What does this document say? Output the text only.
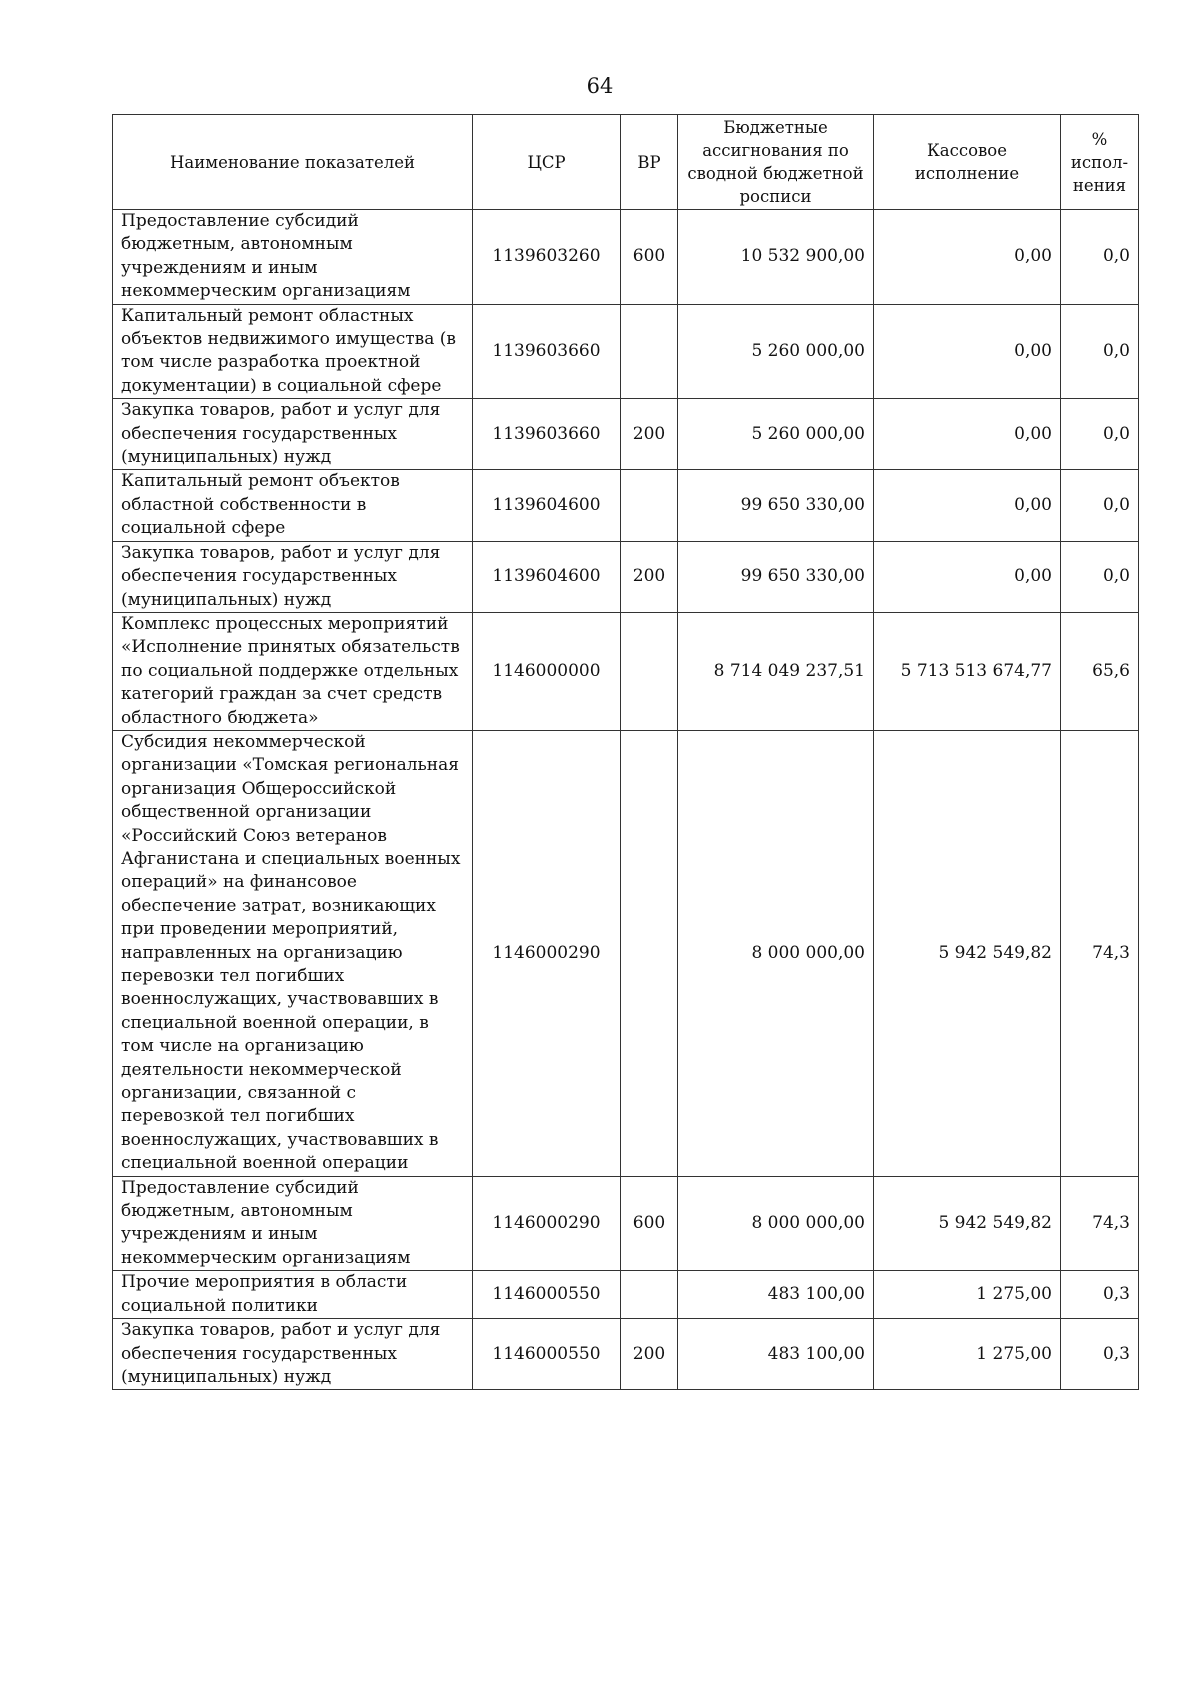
64
Наименование показателей	ЦСР	ВР	Бюджетные ассигнования по сводной бюджетной росписи	Кассовое исполнение	% испол-нения
Предоставление субсидий бюджетным, автономным учреждениям и иным некоммерческим организациям	1139603260	600	10 532 900,00	0,00	0,0
Капитальный ремонт областных объектов недвижимого имущества (в том числе разработка проектной документации) в социальной сфере	1139603660		5 260 000,00	0,00	0,0
Закупка товаров, работ и услуг для обеспечения государственных (муниципальных) нужд	1139603660	200	5 260 000,00	0,00	0,0
Капитальный ремонт объектов областной собственности в социальной сфере	1139604600		99 650 330,00	0,00	0,0
Закупка товаров, работ и услуг для обеспечения государственных (муниципальных) нужд	1139604600	200	99 650 330,00	0,00	0,0
Комплекс процессных мероприятий «Исполнение принятых обязательств по социальной поддержке отдельных категорий граждан за счет средств областного бюджета»	1146000000		8 714 049 237,51	5 713 513 674,77	65,6
Субсидия некоммерческой организации «Томская региональная организация Общероссийской общественной организации «Российский Союз ветеранов Афганистана и специальных военных операций» на финансовое обеспечение затрат, возникающих при проведении мероприятий, направленных на организацию перевозки тел погибших военнослужащих, участвовавших в специальной военной операции, в том числе на организацию деятельности некоммерческой организации, связанной с перевозкой тел погибших военнослужащих, участвовавших в специальной военной операции	1146000290		8 000 000,00	5 942 549,82	74,3
Предоставление субсидий бюджетным, автономным учреждениям и иным некоммерческим организациям	1146000290	600	8 000 000,00	5 942 549,82	74,3
Прочие мероприятия в области социальной политики	1146000550		483 100,00	1 275,00	0,3
Закупка товаров, работ и услуг для обеспечения государственных (муниципальных) нужд	1146000550	200	483 100,00	1 275,00	0,3
